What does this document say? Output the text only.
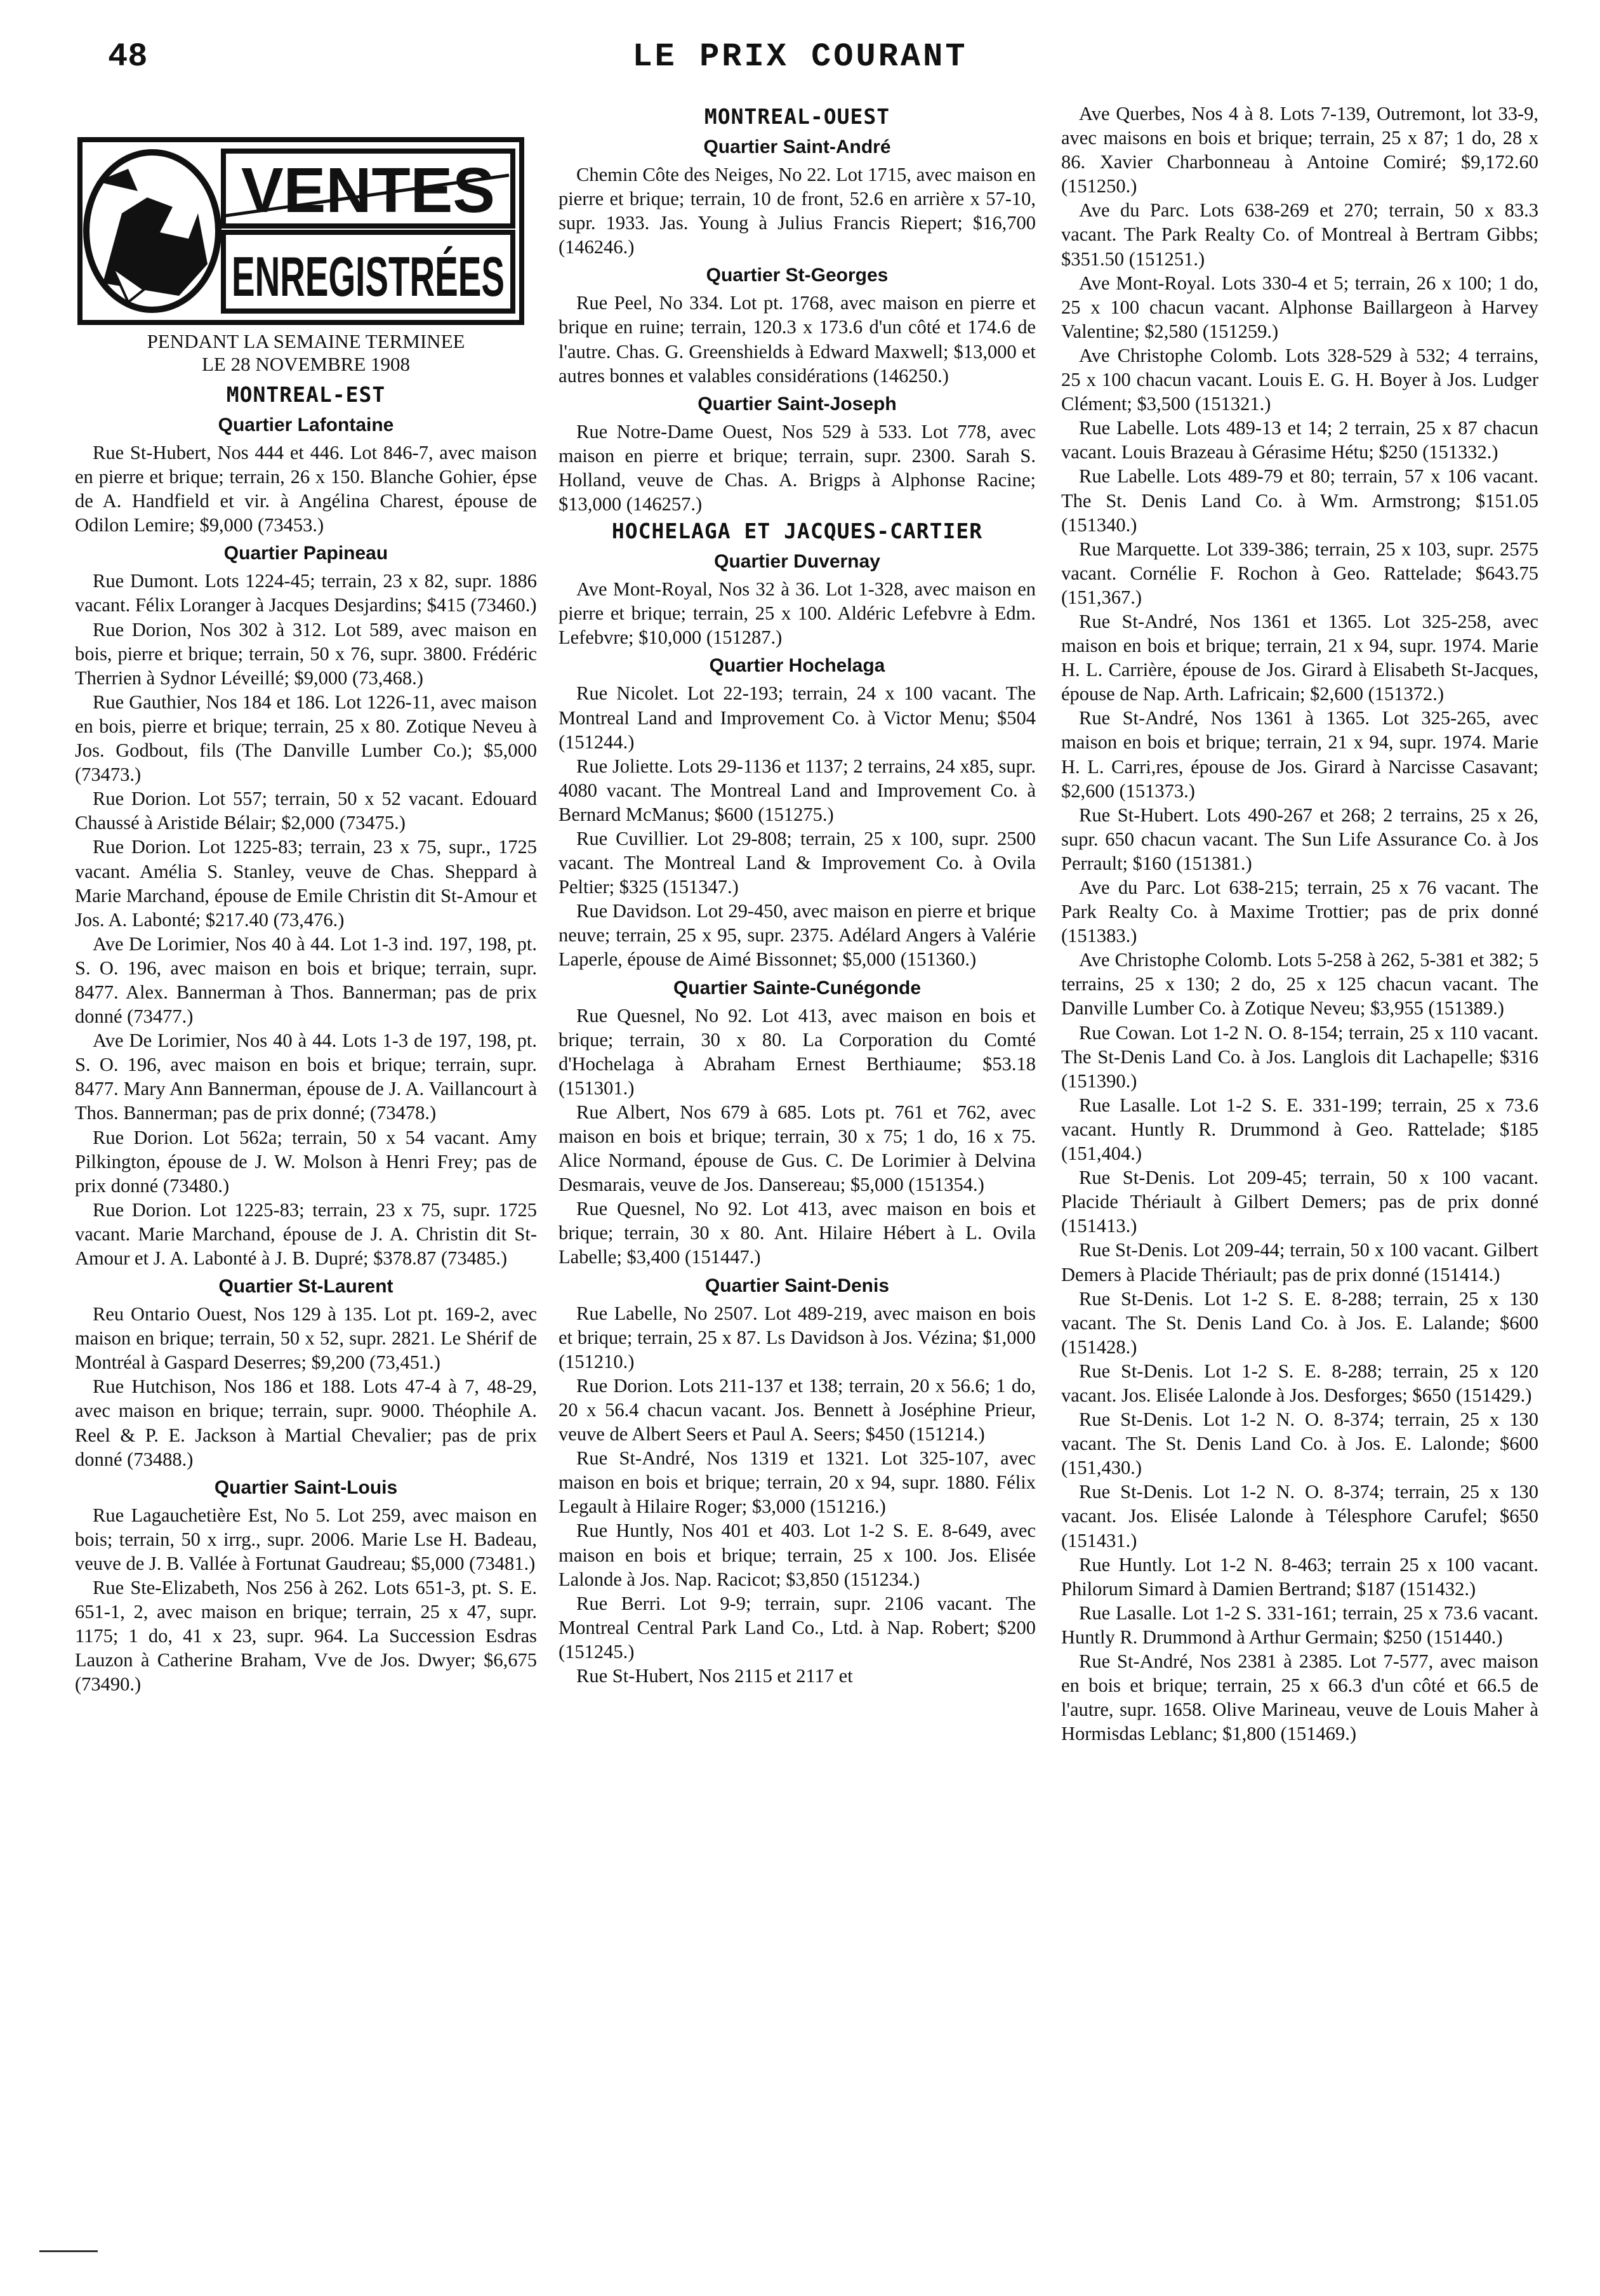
48	LE PRIX COURANT
VENTES
ENREGISTRÉES
PENDANT LA SEMAINE TERMINEE
LE 28 NOVEMBRE 1908
MONTREAL-EST
Quartier Lafontaine

Rue St-Hubert, Nos 444 et 446. Lot 846-7, avec maison en pierre et brique; terrain, 26 x 150. Blanche Gohier, épse de A. Handfield et vir. à Angélina Charest, épouse de Odilon Lemire; $9,000 (73453.)

Quartier Papineau

Rue Dumont. Lots 1224-45; terrain, 23 x 82, supr. 1886 vacant. Félix Loranger à Jacques Desjardins; $415 (73460.)

Rue Dorion, Nos 302 à 312. Lot 589, avec maison en bois, pierre et brique; terrain, 50 x 76, supr. 3800. Frédéric Therrien à Sydnor Léveillé; $9,000 (73,468.)

Rue Gauthier, Nos 184 et 186. Lot 1226-11, avec maison en bois, pierre et brique; terrain, 25 x 80. Zotique Neveu à Jos. Godbout, fils (The Danville Lumber Co.); $5,000 (73473.)

Rue Dorion. Lot 557; terrain, 50 x 52 vacant. Edouard Chaussé à Aristide Bélair; $2,000 (73475.)

Rue Dorion. Lot 1225-83; terrain, 23 x 75, supr., 1725 vacant. Amélia S. Stanley, veuve de Chas. Sheppard à Marie Marchand, épouse de Emile Christin dit St-Amour et Jos. A. Labonté; $217.40 (73,476.)

Ave De Lorimier, Nos 40 à 44. Lot 1-3 ind. 197, 198, pt. S. O. 196, avec maison en bois et brique; terrain, supr. 8477. Alex. Bannerman à Thos. Bannerman; pas de prix donné (73477.)

Ave De Lorimier, Nos 40 à 44. Lots 1-3 de 197, 198, pt. S. O. 196, avec maison en bois et brique; terrain, supr. 8477. Mary Ann Bannerman, épouse de J. A. Vaillancourt à Thos. Bannerman; pas de prix donné; (73478.)

Rue Dorion. Lot 562a; terrain, 50 x 54 vacant. Amy Pilkington, épouse de J. W. Molson à Henri Frey; pas de prix donné (73480.)

Rue Dorion. Lot 1225-83; terrain, 23 x 75, supr. 1725 vacant. Marie Marchand, épouse de J. A. Christin dit St-Amour et J. A. Labonté à J. B. Dupré; $378.87 (73485.)

Quartier St-Laurent

Reu Ontario Ouest, Nos 129 à 135. Lot pt. 169-2, avec maison en brique; terrain, 50 x 52, supr. 2821. Le Shérif de Montréal à Gaspard Deserres; $9,200 (73,451.)

Rue Hutchison, Nos 186 et 188. Lots 47-4 à 7, 48-29, avec maison en brique; terrain, supr. 9000. Théophile A. Reel & P. E. Jackson à Martial Chevalier; pas de prix donné (73488.)

Quartier Saint-Louis

Rue Lagauchetière Est, No 5. Lot 259, avec maison en bois; terrain, 50 x irrg., supr. 2006. Marie Lse H. Badeau, veuve de J. B. Vallée à Fortunat Gaudreau; $5,000 (73481.)

Rue Ste-Elizabeth, Nos 256 à 262. Lots 651-3, pt. S. E. 651-1, 2, avec maison en brique; terrain, 25 x 47, supr. 1175; 1 do, 41 x 23, supr. 964. La Succession Esdras Lauzon à Catherine Braham, Vve de Jos. Dwyer; $6,675 (73490.)

MONTREAL-OUEST
Quartier Saint-André

Chemin Côte des Neiges, No 22. Lot 1715, avec maison en pierre et brique; terrain, 10 de front, 52.6 en arrière x 57-10, supr. 1933. Jas. Young à Julius Francis Riepert; $16,700 (146246.)

Quartier St-Georges

Rue Peel, No 334. Lot pt. 1768, avec maison en pierre et brique en ruine; terrain, 120.3 x 173.6 d'un côté et 174.6 de l'autre. Chas. G. Greenshields à Edward Maxwell; $13,000 et autres bonnes et valables considérations (146250.)

Quartier Saint-Joseph

Rue Notre-Dame Ouest, Nos 529 à 533. Lot 778, avec maison en pierre et brique; terrain, supr. 2300. Sarah S. Holland, veuve de Chas. A. Brigps à Alphonse Racine; $13,000 (146257.)

HOCHELAGA ET JACQUES-CARTIER
Quartier Duvernay

Ave Mont-Royal, Nos 32 à 36. Lot 1-328, avec maison en pierre et brique; terrain, 25 x 100. Aldéric Lefebvre à Edm. Lefebvre; $10,000 (151287.)

Quartier Hochelaga

Rue Nicolet. Lot 22-193; terrain, 24 x 100 vacant. The Montreal Land and Improvement Co. à Victor Menu; $504 (151244.)

Rue Joliette. Lots 29-1136 et 1137; 2 terrains, 24 x85, supr. 4080 vacant. The Montreal Land and Improvement Co. à Bernard McManus; $600 (151275.)

Rue Cuvillier. Lot 29-808; terrain, 25 x 100, supr. 2500 vacant. The Montreal Land & Improvement Co. à Ovila Peltier; $325 (151347.)

Rue Davidson. Lot 29-450, avec maison en pierre et brique neuve; terrain, 25 x 95, supr. 2375. Adélard Angers à Valérie Laperle, épouse de Aimé Bissonnet; $5,000 (151360.)

Quartier Sainte-Cunégonde

Rue Quesnel, No 92. Lot 413, avec maison en bois et brique; terrain, 30 x 80. La Corporation du Comté d'Hochelaga à Abraham Ernest Berthiaume; $53.18 (151301.)

Rue Albert, Nos 679 à 685. Lots pt. 761 et 762, avec maison en bois et brique; terrain, 30 x 75; 1 do, 16 x 75. Alice Normand, épouse de Gus. C. De Lorimier à Delvina Desmarais, veuve de Jos. Dansereau; $5,000 (151354.)

Rue Quesnel, No 92. Lot 413, avec maison en bois et brique; terrain, 30 x 80. Ant. Hilaire Hébert à L. Ovila Labelle; $3,400 (151447.)

Quartier Saint-Denis

Rue Labelle, No 2507. Lot 489-219, avec maison en bois et brique; terrain, 25 x 87. Ls Davidson à Jos. Vézina; $1,000 (151210.)

Rue Dorion. Lots 211-137 et 138; terrain, 20 x 56.6; 1 do, 20 x 56.4 chacun vacant. Jos. Bennett à Joséphine Prieur, veuve de Albert Seers et Paul A. Seers; $450 (151214.)

Rue St-André, Nos 1319 et 1321. Lot 325-107, avec maison en bois et brique; terrain, 20 x 94, supr. 1880. Félix Legault à Hilaire Roger; $3,000 (151216.)

Rue Huntly, Nos 401 et 403. Lot 1-2 S. E. 8-649, avec maison en bois et brique; terrain, 25 x 100. Jos. Elisée Lalonde à Jos. Nap. Racicot; $3,850 (151234.)

Rue Berri. Lot 9-9; terrain, supr. 2106 vacant. The Montreal Central Park Land Co., Ltd. à Nap. Robert; $200 (151245.)

Rue St-Hubert, Nos 2115 et 2117 et

Ave Querbes, Nos 4 à 8. Lots 7-139, Outremont, lot 33-9, avec maisons en bois et brique; terrain, 25 x 87; 1 do, 28 x 86. Xavier Charbonneau à Antoine Comiré; $9,172.60 (151250.)

Ave du Parc. Lots 638-269 et 270; terrain, 50 x 83.3 vacant. The Park Realty Co. of Montreal à Bertram Gibbs; $351.50 (151251.)

Ave Mont-Royal. Lots 330-4 et 5; terrain, 26 x 100; 1 do, 25 x 100 chacun vacant. Alphonse Baillargeon à Harvey Valentine; $2,580 (151259.)

Ave Christophe Colomb. Lots 328-529 à 532; 4 terrains, 25 x 100 chacun vacant. Louis E. G. H. Boyer à Jos. Ludger Clément; $3,500 (151321.)

Rue Labelle. Lots 489-13 et 14; 2 terrain, 25 x 87 chacun vacant. Louis Brazeau à Gérasime Hétu; $250 (151332.)

Rue Labelle. Lots 489-79 et 80; terrain, 57 x 106 vacant. The St. Denis Land Co. à Wm. Armstrong; $151.05 (151340.)

Rue Marquette. Lot 339-386; terrain, 25 x 103, supr. 2575 vacant. Cornélie F. Rochon à Geo. Rattelade; $643.75 (151,367.)

Rue St-André, Nos 1361 et 1365. Lot 325-258, avec maison en bois et brique; terrain, 21 x 94, supr. 1974. Marie H. L. Carrière, épouse de Jos. Girard à Elisabeth St-Jacques, épouse de Nap. Arth. Lafricain; $2,600 (151372.)

Rue St-André, Nos 1361 à 1365. Lot 325-265, avec maison en bois et brique; terrain, 21 x 94, supr. 1974. Marie H. L. Carri,res, épouse de Jos. Girard à Narcisse Casavant; $2,600 (151373.)

Rue St-Hubert. Lots 490-267 et 268; 2 terrains, 25 x 26, supr. 650 chacun vacant. The Sun Life Assurance Co. à Jos Perrault; $160 (151381.)

Ave du Parc. Lot 638-215; terrain, 25 x 76 vacant. The Park Realty Co. à Maxime Trottier; pas de prix donné (151383.)

Ave Christophe Colomb. Lots 5-258 à 262, 5-381 et 382; 5 terrains, 25 x 130; 2 do, 25 x 125 chacun vacant. The Danville Lumber Co. à Zotique Neveu; $3,955 (151389.)

Rue Cowan. Lot 1-2 N. O. 8-154; terrain, 25 x 110 vacant. The St-Denis Land Co. à Jos. Langlois dit Lachapelle; $316 (151390.)

Rue Lasalle. Lot 1-2 S. E. 331-199; terrain, 25 x 73.6 vacant. Huntly R. Drummond à Geo. Rattelade; $185 (151,404.)

Rue St-Denis. Lot 209-45; terrain, 50 x 100 vacant. Placide Thériault à Gilbert Demers; pas de prix donné (151413.)

Rue St-Denis. Lot 209-44; terrain, 50 x 100 vacant. Gilbert Demers à Placide Thériault; pas de prix donné (151414.)

Rue St-Denis. Lot 1-2 S. E. 8-288; terrain, 25 x 130 vacant. The St. Denis Land Co. à Jos. E. Lalande; $600 (151428.)

Rue St-Denis. Lot 1-2 S. E. 8-288; terrain, 25 x 120 vacant. Jos. Elisée Lalonde à Jos. Desforges; $650 (151429.)

Rue St-Denis. Lot 1-2 N. O. 8-374; terrain, 25 x 130 vacant. The St. Denis Land Co. à Jos. E. Lalonde; $600 (151,430.)

Rue St-Denis. Lot 1-2 N. O. 8-374; terrain, 25 x 130 vacant. Jos. Elisée Lalonde à Télesphore Carufel; $650 (151431.)

Rue Huntly. Lot 1-2 N. 8-463; terrain 25 x 100 vacant. Philorum Simard à Damien Bertrand; $187 (151432.)

Rue Lasalle. Lot 1-2 S. 331-161; terrain, 25 x 73.6 vacant. Huntly R. Drummond à Arthur Germain; $250 (151440.)

Rue St-André, Nos 2381 à 2385. Lot 7-577, avec maison en bois et brique; terrain, 25 x 66.3 d'un côté et 66.5 de l'autre, supr. 1658. Olive Marineau, veuve de Louis Maher à Hormisdas Leblanc; $1,800 (151469.)
